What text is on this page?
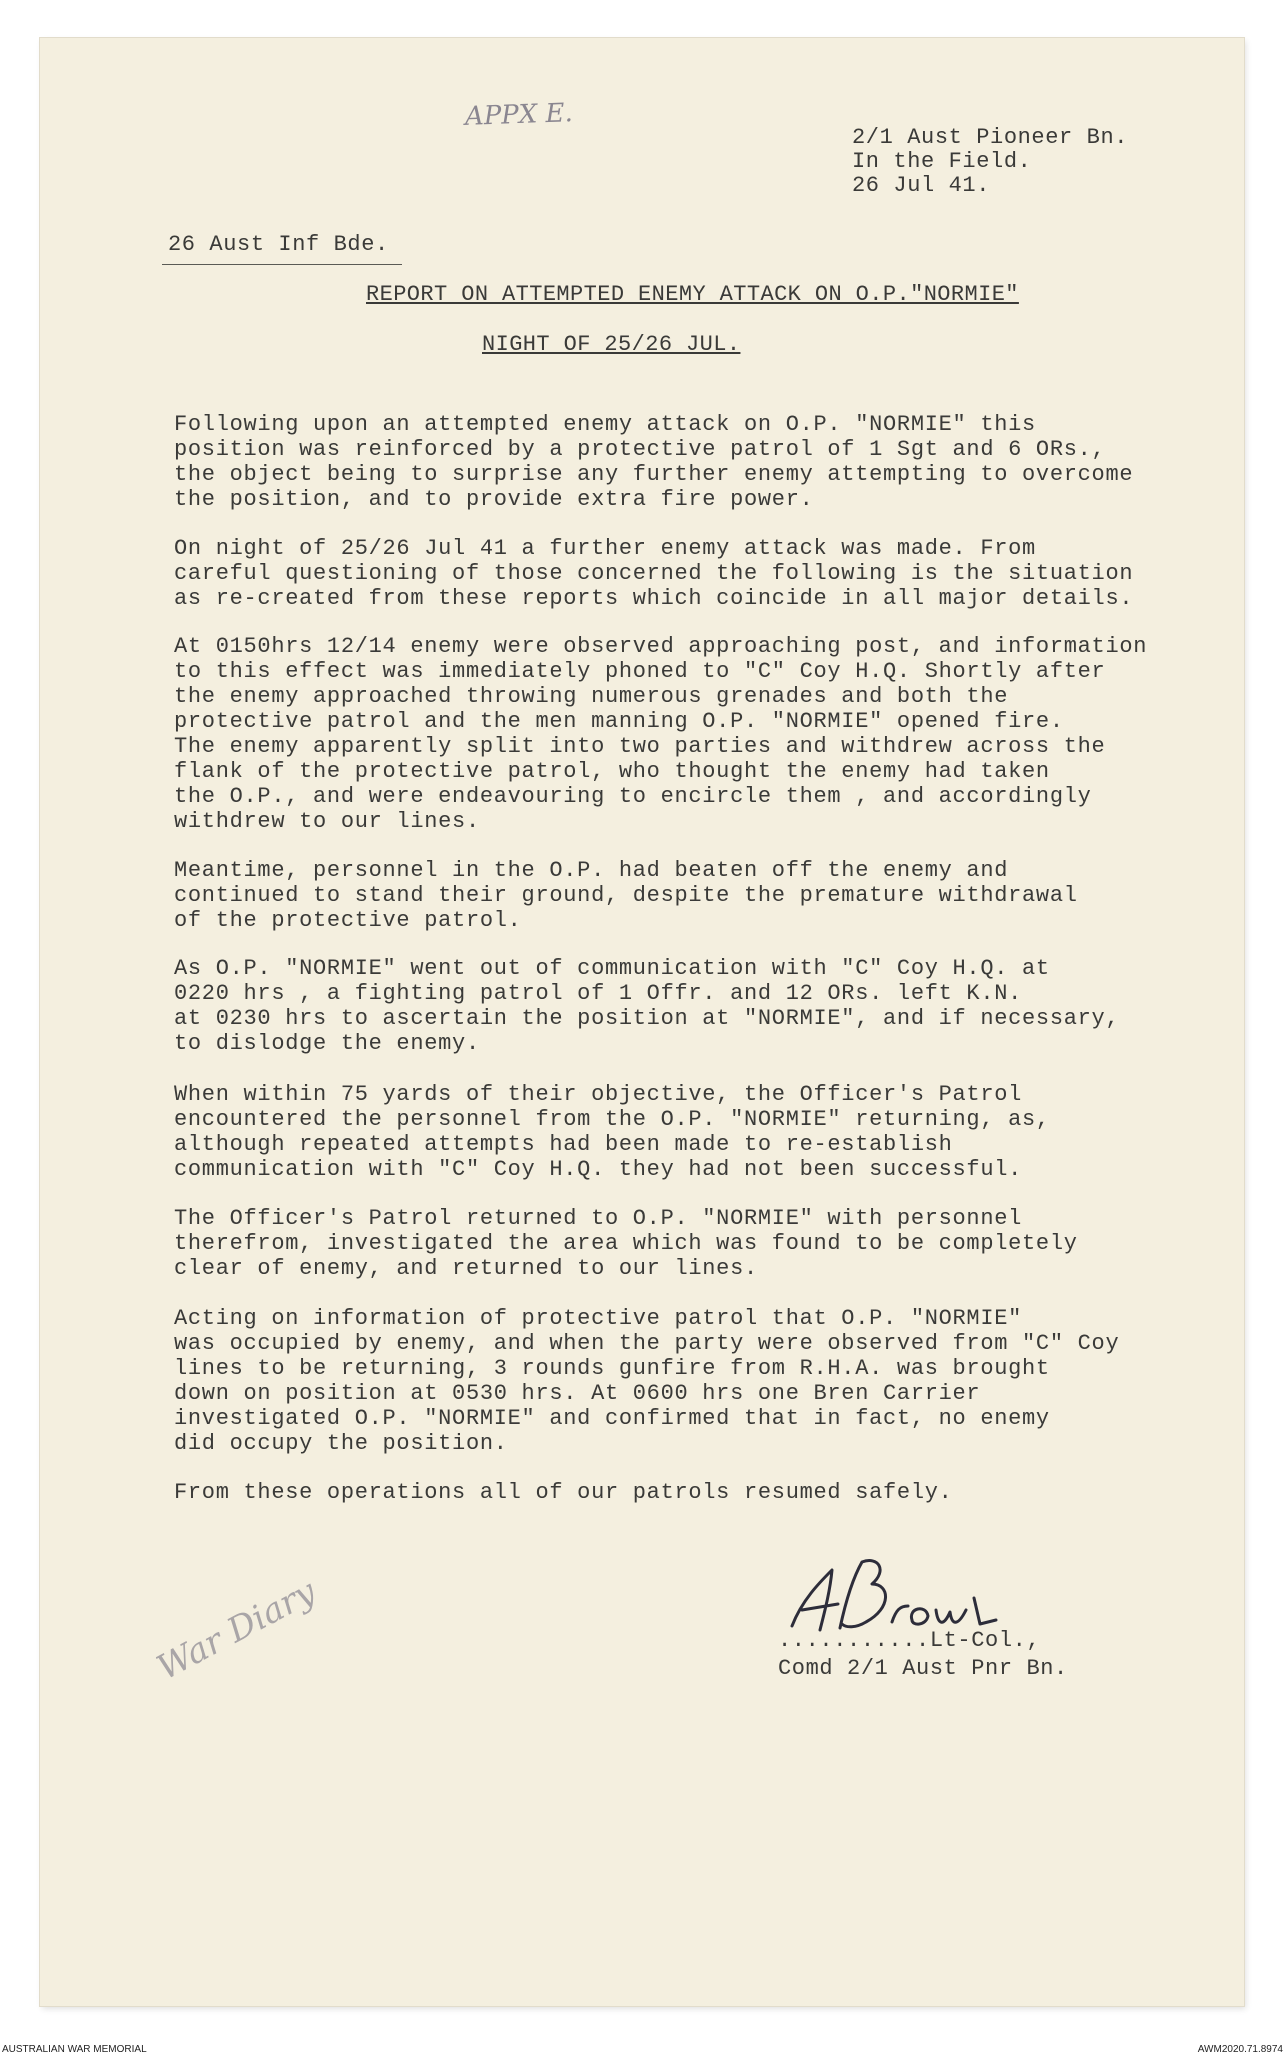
APPX E.
War Diary
2/1 Aust Pioneer Bn.
In the Field.
26 Jul 41.
26 Aust Inf Bde.
REPORT ON ATTEMPTED ENEMY ATTACK ON O.P."NORMIE"
NIGHT OF 25/26 JUL.
Following upon an attempted enemy attack on O.P. "NORMIE" this
position was reinforced by a protective patrol of 1 Sgt and 6 ORs.,
the object being to surprise any further enemy attempting to overcome
the position, and to provide extra fire power.
On night of 25/26 Jul 41 a further enemy attack was made. From
careful questioning of those concerned the following is the situation
as re-created from these reports which coincide in all major details.
At 0150hrs 12/14 enemy were observed approaching post, and information
to this effect was immediately phoned to "C" Coy H.Q. Shortly after
the enemy approached throwing numerous grenades and both the
protective patrol and the men manning O.P. "NORMIE" opened fire.
The enemy apparently split into two parties and withdrew across the
flank of the protective patrol, who thought the enemy had taken
the O.P., and were endeavouring to encircle them , and accordingly
withdrew to our lines.
Meantime, personnel in the O.P. had beaten off the enemy and
continued to stand their ground, despite the premature withdrawal
of the protective patrol.
As O.P. "NORMIE" went out of communication with "C" Coy H.Q. at
0220 hrs , a fighting patrol of 1 Offr. and 12 ORs. left K.N.
at 0230 hrs to ascertain the position at "NORMIE", and if necessary,
to dislodge the enemy.
When within 75 yards of their objective, the Officer's Patrol
encountered the personnel from the O.P. "NORMIE" returning, as,
although repeated attempts had been made to re-establish
communication with "C" Coy H.Q. they had not been successful.
The Officer's Patrol returned to O.P. "NORMIE" with personnel
therefrom, investigated the area which was found to be completely
clear of enemy, and returned to our lines.
Acting on information of protective patrol that O.P. "NORMIE"
was occupied by enemy, and when the party were observed from "C" Coy
lines to be returning, 3 rounds gunfire from R.H.A. was brought
down on position at 0530 hrs. At 0600 hrs one Bren Carrier
investigated O.P. "NORMIE" and confirmed that in fact, no enemy
did occupy the position.
From these operations all of our patrols resumed safely.
...........Lt-Col.,
Comd 2/1 Aust Pnr Bn.
AUSTRALIAN WAR MEMORIAL	AWM2020.71.8974
